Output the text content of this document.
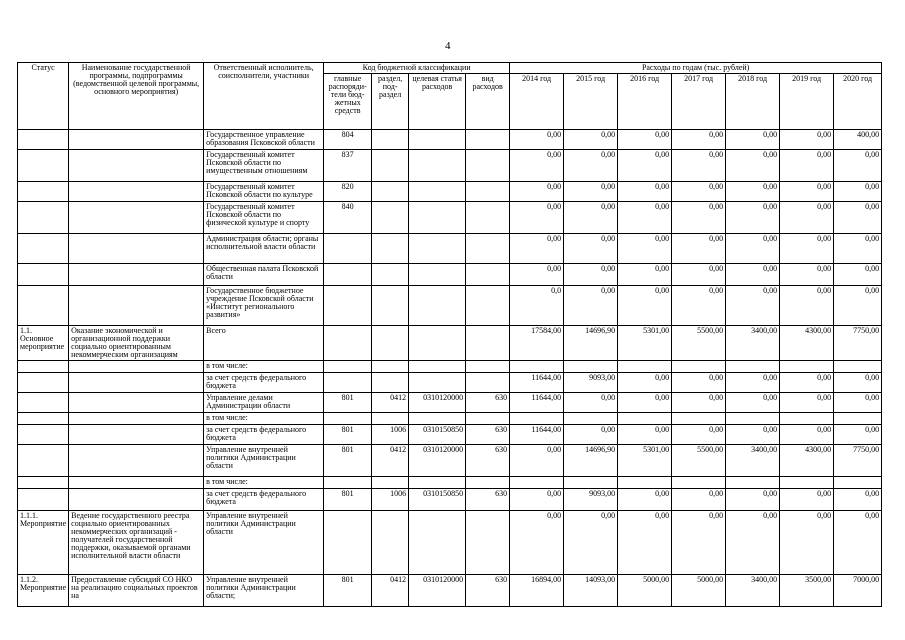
4
Статус	Наименование государственной программы, подпрограммы (ведомственной целевой программы, основного мероприятия)	Ответственный исполнитель, соисполнители, участники	Код бюджетной классификации				Расходы по годам (тыс. рублей)						
			главные распоряди-тели бюд-жетных средств	раздел, под-раздел	целевая статья расходов	вид расходов	2014 год	2015 год	2016 год	2017 год	2018 год	2019 год	2020 год
		Государственное управление образования Псковской области	804				0,00	0,00	0,00	0,00	0,00	0,00	400,00
		Государственный комитет Псковской области по имущественным отношениям	837				0,00	0,00	0,00	0,00	0,00	0,00	0,00
		Государственный комитет Псковской области по культуре	820				0,00	0,00	0,00	0,00	0,00	0,00	0,00
		Государственный комитет Псковской области по физической культуре и спорту	840				0,00	0,00	0,00	0,00	0,00	0,00	0,00
		Администрация области; органы исполнительной власти области					0,00	0,00	0,00	0,00	0,00	0,00	0,00
		Общественная палата Псковской области					0,00	0,00	0,00	0,00	0,00	0,00	0,00
		Государственное бюджетное учреждение Псковской области «Институт регионального развития»					0,0	0,00	0,00	0,00	0,00	0,00	0,00
1.1. Основное мероприятие	Оказание экономической и организационной поддержки социально ориентированным некоммерческим организациям	Всего					17584,00	14696,90	5301,00	5500,00	3400,00	4300,00	7750,00
		в том числе:											
		за счет средств федерального бюджета					11644,00	9093,00	0,00	0,00	0,00	0,00	0,00
		Управление делами Администрации области	801	0412	0310120000	630	11644,00	0,00	0,00	0,00	0,00	0,00	0,00
		в том числе:											
		за счет средств федерального бюджета	801	1006	0310150850	630	11644,00	0,00	0,00	0,00	0,00	0,00	0,00
		Управление внутренней политики Администрации области	801	0412	0310120000	630	0,00	14696,90	5301,00	5500,00	3400,00	4300,00	7750,00
		в том числе:											
		за счет средств федерального бюджета	801	1006	0310150850	630	0,00	9093,00	0,00	0,00	0,00	0,00	0,00
1.1.1. Мероприятие	Ведение государственного реестра социально ориентированных некоммерческих организаций - получателей государственной поддержки, оказываемой органами исполнительной власти области	Управление внутренней политики Администрации области					0,00	0,00	0,00	0,00	0,00	0,00	0,00
1.1.2. Мероприятие	Предоставление субсидий СО НКО на реализацию социальных проектов на	Управление внутренней политики Администрации области;	801	0412	0310120000	630	16894,00	14093,00	5000,00	5000,00	3400,00	3500,00	7000,00
